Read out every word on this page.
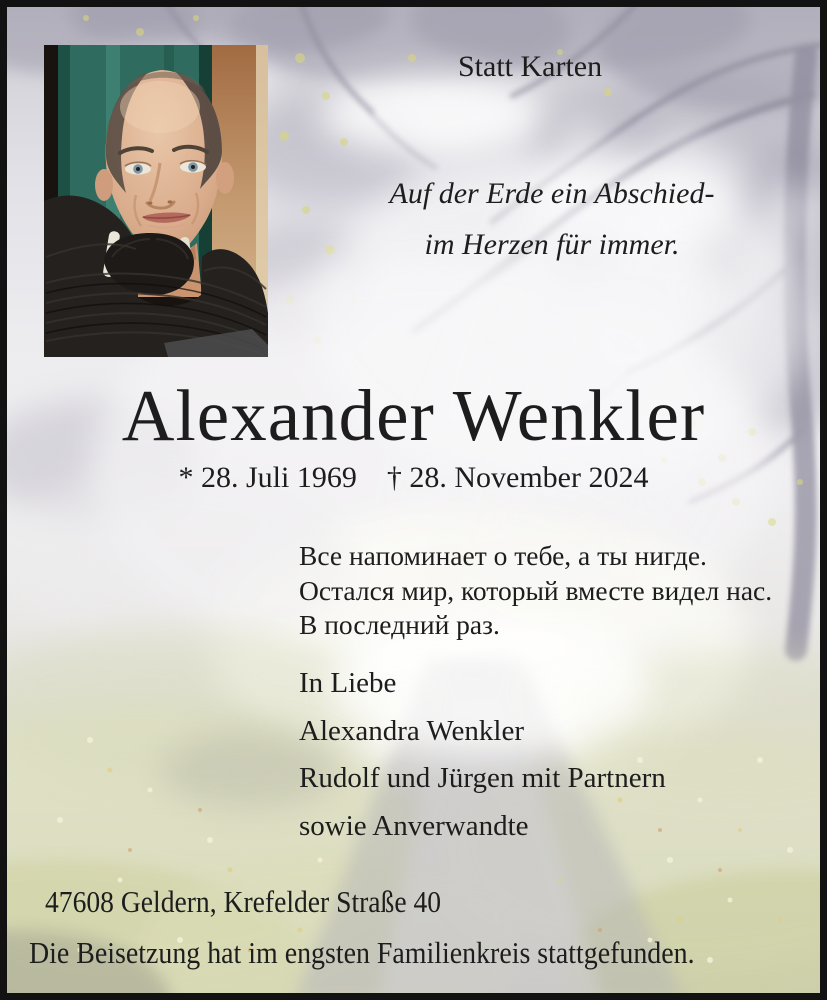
Statt Karten
Auf der Erde ein Abschied-
im Herzen für immer.
Alexander Wenkler
* 28. Juli 1969 † 28. November 2024
Все напоминает о тебе, а ты нигде.
Остался мир, который вместе видел нас.
В последний раз.
In Liebe
Alexandra Wenkler
Rudolf und Jürgen mit Partnern
sowie Anverwandte
47608 Geldern, Krefelder Straße 40
Die Beisetzung hat im engsten Familienkreis stattgefunden.
